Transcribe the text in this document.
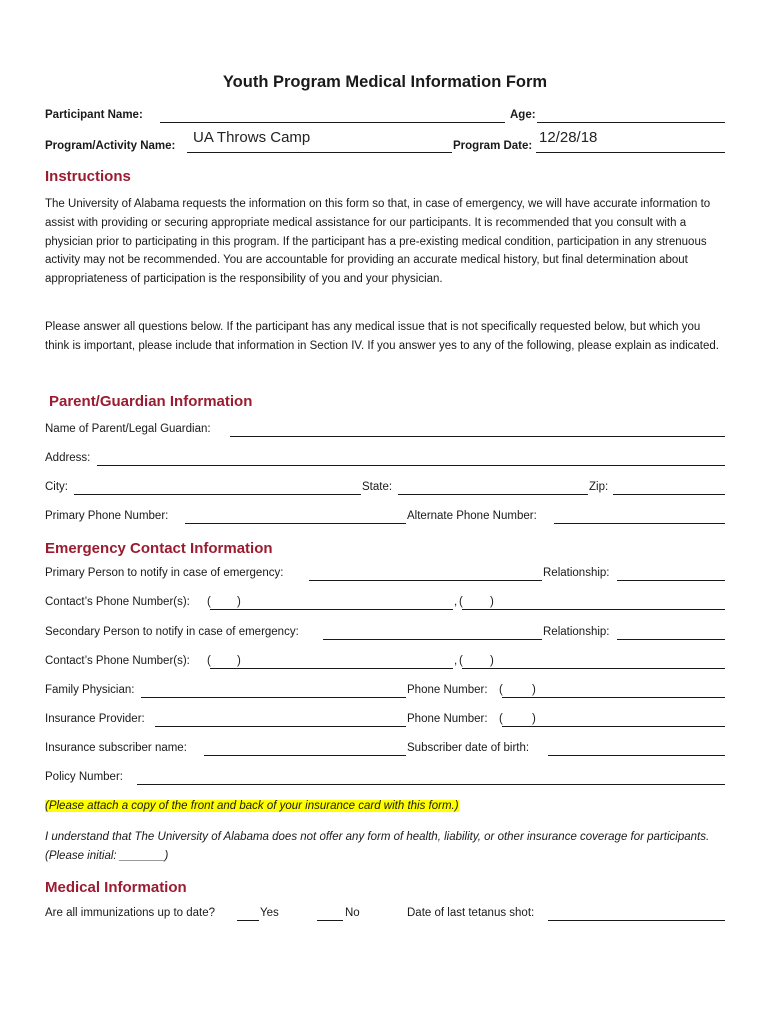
Youth Program Medical Information Form
Participant Name:	Age:
Program/Activity Name: UA Throws Camp	Program Date: 12/28/18
Instructions
The University of Alabama requests the information on this form so that, in case of emergency, we will have accurate information to assist with providing or securing appropriate medical assistance for our participants. It is recommended that you consult with a physician prior to participating in this program. If the participant has a pre-existing medical condition, participation in any strenuous activity may not be recommended. You are accountable for providing an accurate medical history, but final determination about appropriateness of participation is the responsibility of you and your physician.
Please answer all questions below. If the participant has any medical issue that is not specifically requested below, but which you think is important, please include that information in Section IV. If you answer yes to any of the following, please explain as indicated.
Parent/Guardian Information
Name of Parent/Legal Guardian:
Address:
City:	State:	Zip:
Primary Phone Number:	Alternate Phone Number:
Emergency Contact Information
Primary Person to notify in case of emergency:	Relationship:
Contact’s Phone Number(s): ( )	, ( )
Secondary Person to notify in case of emergency:	Relationship:
Contact’s Phone Number(s): ( )	, ( )
Family Physician:	Phone Number: (	)
Insurance Provider:	Phone Number: (	)
Insurance subscriber name:	Subscriber date of birth:
Policy Number:
(Please attach a copy of the front and back of your insurance card with this form.)
I understand that The University of Alabama does not offer any form of health, liability, or other insurance coverage for participants. (Please initial: _______)
Medical Information
Are all immunizations up to date?	Yes	No	Date of last tetanus shot:
